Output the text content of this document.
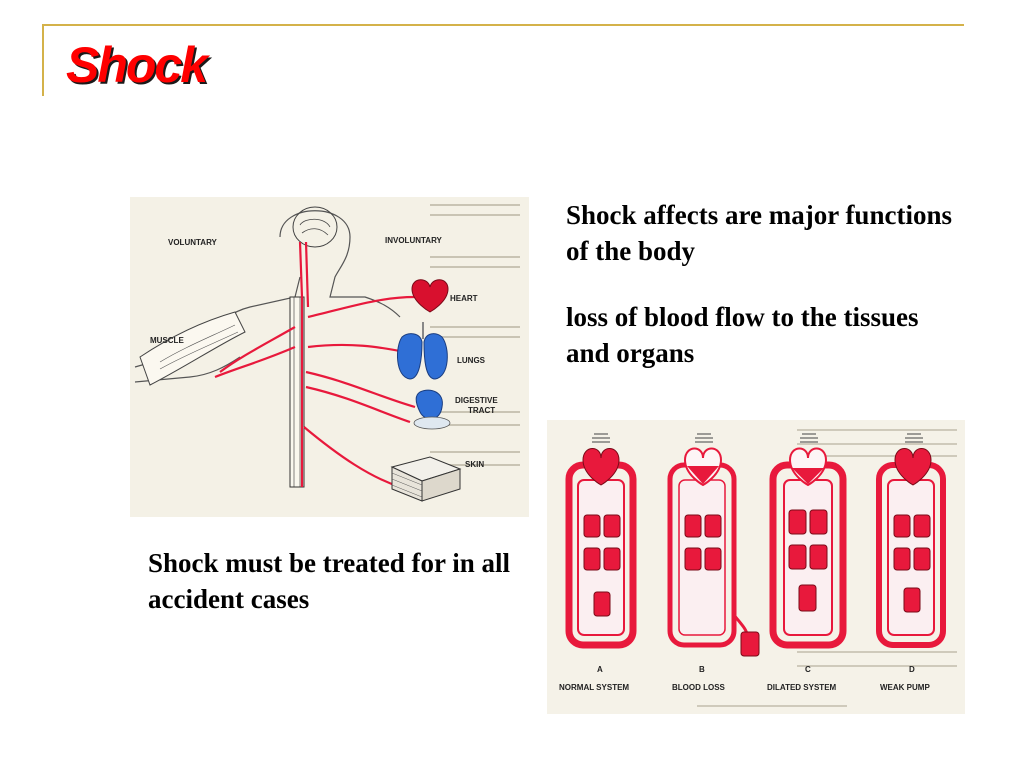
Shock
VOLUNTARY	INVOLUNTARY
MUSCLE
HEART
LUNGS
DIGESTIVE
TRACT
SKIN
Shock affects are major functions of the body
loss of blood flow to the tissues and organs
Shock must be treated for in all accident cases
A
NORMAL SYSTEM
B
BLOOD LOSS
C
DILATED SYSTEM
D
WEAK PUMP
